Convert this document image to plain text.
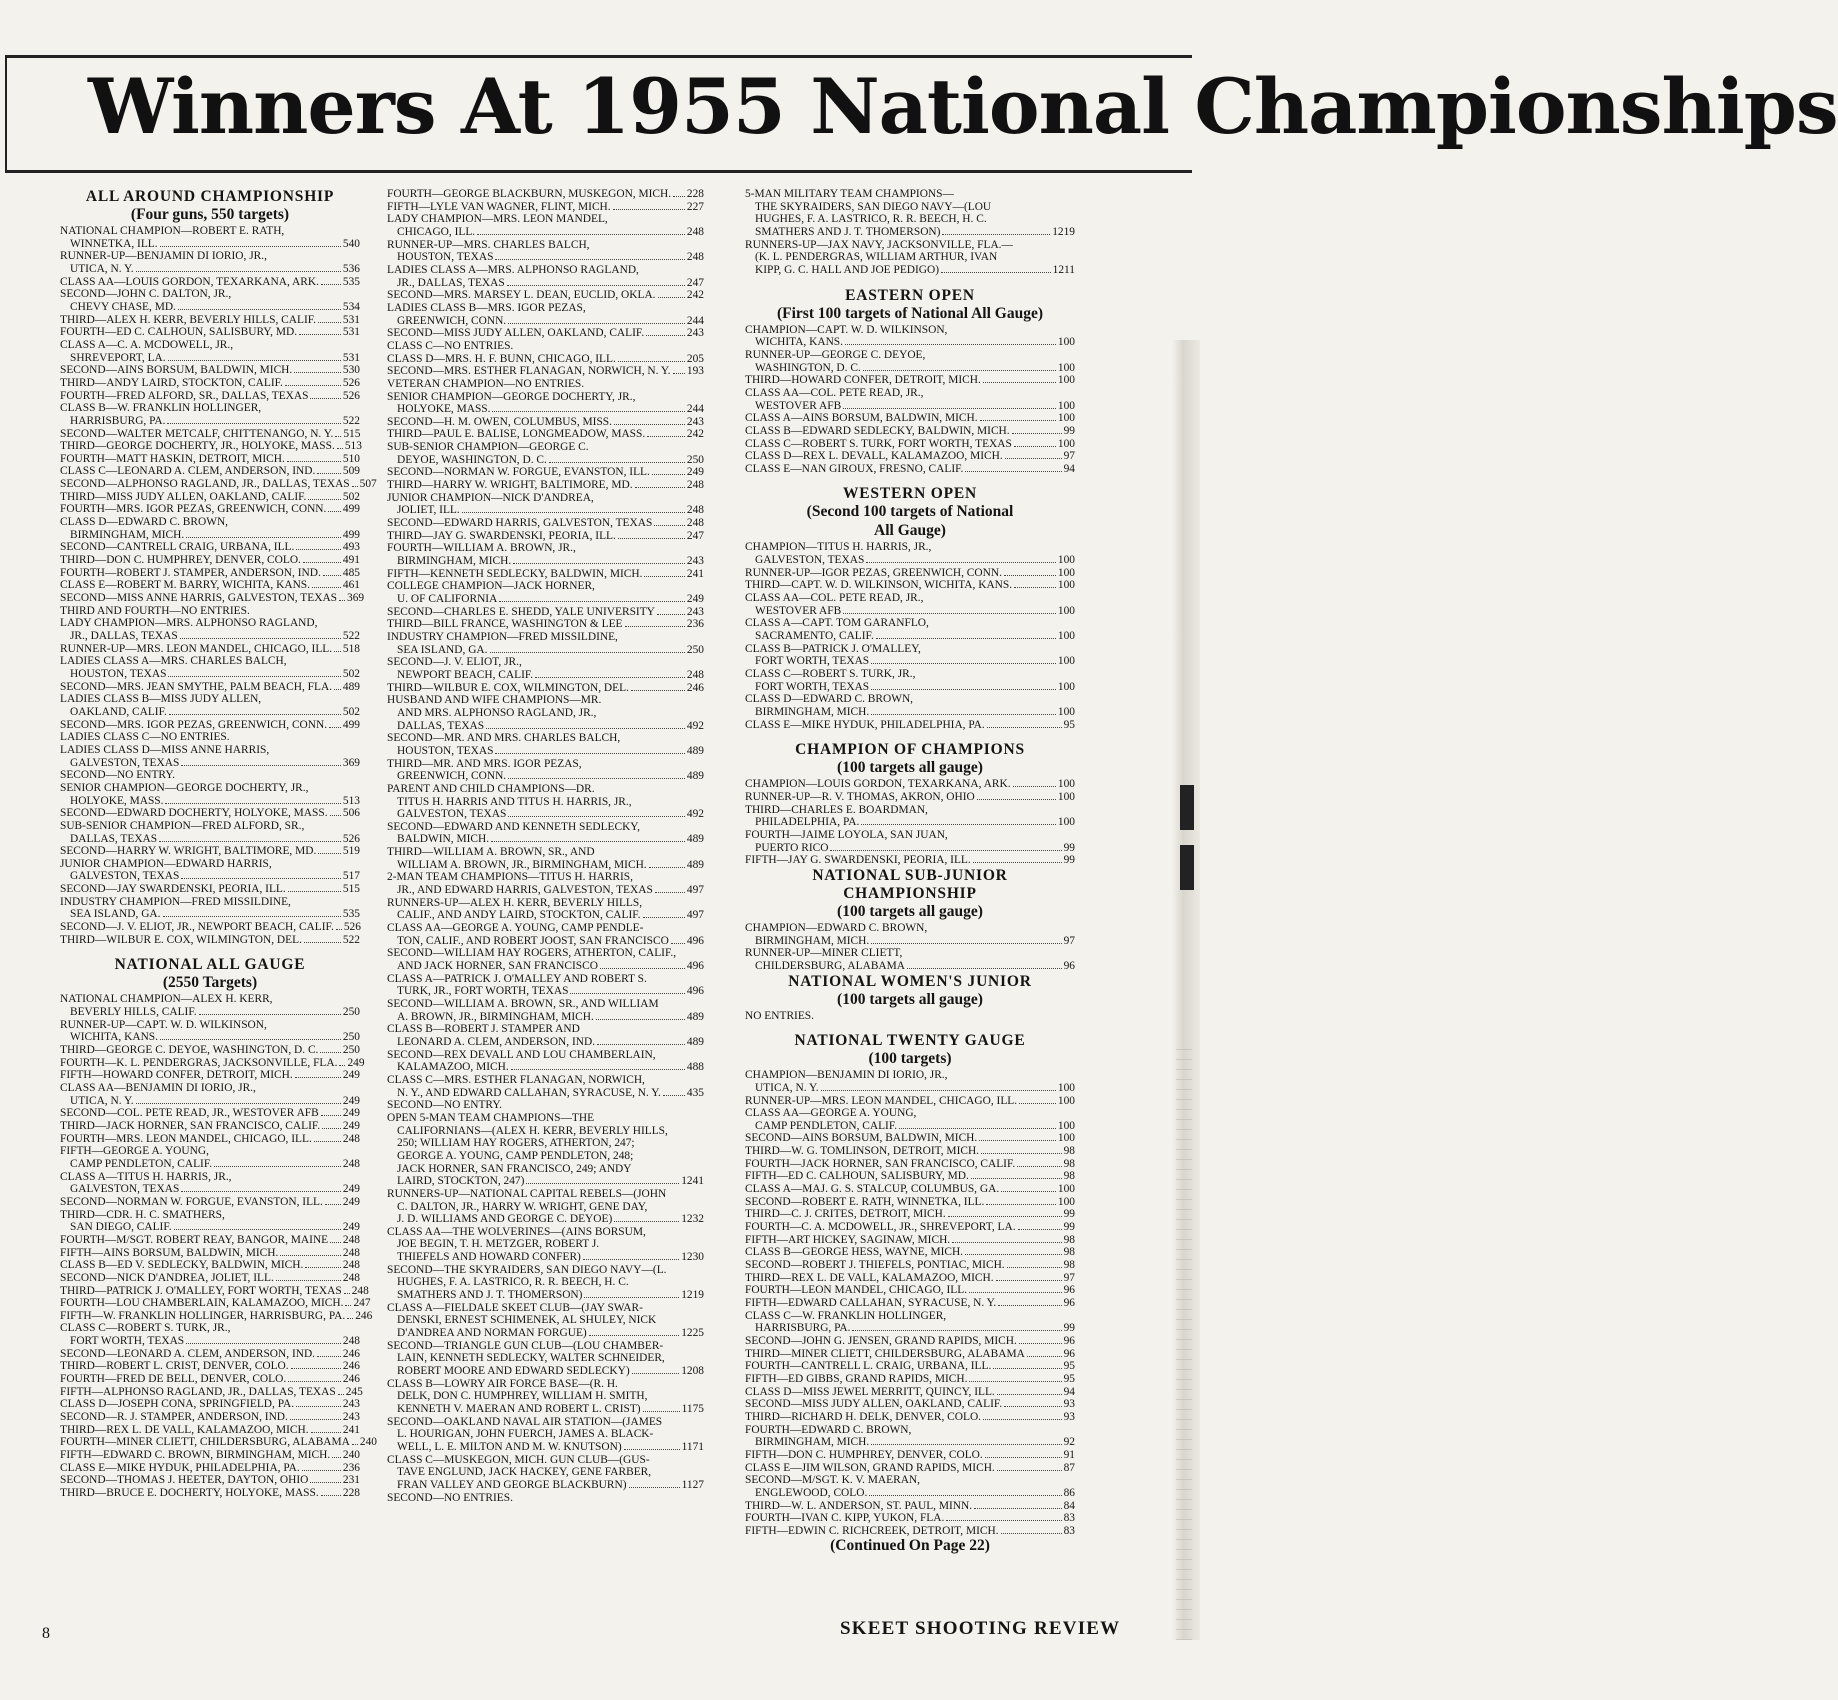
Winners At 1955 National Championships
ALL AROUND CHAMPIONSHIP
(Four guns, 550 targets)
NATIONAL CHAMPION—ROBERT E. RATH,
WINNETKA, ILL.	540
RUNNER-UP—BENJAMIN DI IORIO, JR.,
UTICA, N. Y.	536
CLASS AA—LOUIS GORDON, TEXARKANA, ARK. 535
SECOND—JOHN C. DALTON, JR.,
CHEVY CHASE, MD.	534
THIRD—ALEX H. KERR, BEVERLY HILLS, CALIF. 531
FOURTH—ED C. CALHOUN, SALISBURY, MD.	531
CLASS A—C. A. MCDOWELL, JR.,
SHREVEPORT, LA.	531
SECOND—AINS BORSUM, BALDWIN, MICH.	530
THIRD—ANDY LAIRD, STOCKTON, CALIF.	526
FOURTH—FRED ALFORD, SR., DALLAS, TEXAS	526
CLASS B—W. FRANKLIN HOLLINGER,
HARRISBURG, PA.	522
SECOND—WALTER METCALF, CHITTENANGO, N. Y. 515
THIRD—GEORGE DOCHERTY, JR., HOLYOKE, MASS. 513
FOURTH—MATT HASKIN, DETROIT, MICH.	510
CLASS C—LEONARD A. CLEM, ANDERSON, IND. 509
SECOND—ALPHONSO RAGLAND, JR., DALLAS, TEXAS 507
THIRD—MISS JUDY ALLEN, OAKLAND, CALIF.	502
FOURTH—MRS. IGOR PEZAS, GREENWICH, CONN. 499
CLASS D—EDWARD C. BROWN,
BIRMINGHAM, MICH.	499
SECOND—CANTRELL CRAIG, URBANA, ILL.	493
THIRD—DON C. HUMPHREY, DENVER, COLO.	491
FOURTH—ROBERT J. STAMPER, ANDERSON, IND. 485
CLASS E—ROBERT M. BARRY, WICHITA, KANS.	461
SECOND—MISS ANNE HARRIS, GALVESTON, TEXAS 369
THIRD AND FOURTH—NO ENTRIES.
LADY CHAMPION—MRS. ALPHONSO RAGLAND,
JR., DALLAS, TEXAS	522
RUNNER-UP—MRS. LEON MANDEL, CHICAGO, ILL. 518
LADIES CLASS A—MRS. CHARLES BALCH,
HOUSTON, TEXAS	502
SECOND—MRS. JEAN SMYTHE, PALM BEACH, FLA. 489
LADIES CLASS B—MISS JUDY ALLEN,
OAKLAND, CALIF.	502
SECOND—MRS. IGOR PEZAS, GREENWICH, CONN. 499
LADIES CLASS C—NO ENTRIES.
LADIES CLASS D—MISS ANNE HARRIS,
GALVESTON, TEXAS	369
SECOND—NO ENTRY.
SENIOR CHAMPION—GEORGE DOCHERTY, JR.,
HOLYOKE, MASS.	513
SECOND—EDWARD DOCHERTY, HOLYOKE, MASS. 506
SUB-SENIOR CHAMPION—FRED ALFORD, SR.,
DALLAS, TEXAS	526
SECOND—HARRY W. WRIGHT, BALTIMORE, MD. 519
JUNIOR CHAMPION—EDWARD HARRIS,
GALVESTON, TEXAS	517
SECOND—JAY SWARDENSKI, PEORIA, ILL.	515
INDUSTRY CHAMPION—FRED MISSILDINE,
SEA ISLAND, GA.	535
SECOND—J. V. ELIOT, JR., NEWPORT BEACH, CALIF. 526
THIRD—WILBUR E. COX, WILMINGTON, DEL.	522
NATIONAL ALL GAUGE
(2550 Targets)
NATIONAL CHAMPION—ALEX H. KERR,
BEVERLY HILLS, CALIF.	250
RUNNER-UP—CAPT. W. D. WILKINSON,
WICHITA, KANS.	250
THIRD—GEORGE C. DEYOE, WASHINGTON, D. C. 250
FOURTH—K. L. PENDERGRAS, JACKSONVILLE, FLA. 249
FIFTH—HOWARD CONFER, DETROIT, MICH.	249
CLASS AA—BENJAMIN DI IORIO, JR.,
UTICA, N. Y.	249
SECOND—COL. PETE READ, JR., WESTOVER AFB 249
THIRD—JACK HORNER, SAN FRANCISCO, CALIF. 249
FOURTH—MRS. LEON MANDEL, CHICAGO, ILL.	248
FIFTH—GEORGE A. YOUNG,
CAMP PENDLETON, CALIF.	248
CLASS A—TITUS H. HARRIS, JR.,
GALVESTON, TEXAS	249
SECOND—NORMAN W. FORGUE, EVANSTON, ILL. 249
THIRD—CDR. H. C. SMATHERS,
SAN DIEGO, CALIF.	249
FOURTH—M/SGT. ROBERT REAY, BANGOR, MAINE 248
FIFTH—AINS BORSUM, BALDWIN, MICH.	248
CLASS B—ED V. SEDLECKY, BALDWIN, MICH.	248
SECOND—NICK D'ANDREA, JOLIET, ILL.	248
THIRD—PATRICK J. O'MALLEY, FORT WORTH, TEXAS 248
FOURTH—LOU CHAMBERLAIN, KALAMAZOO, MICH. 247
FIFTH—W. FRANKLIN HOLLINGER, HARRISBURG, PA. 246
CLASS C—ROBERT S. TURK, JR.,
FORT WORTH, TEXAS	248
SECOND—LEONARD A. CLEM, ANDERSON, IND. 246
THIRD—ROBERT L. CRIST, DENVER, COLO.	246
FOURTH—FRED DE BELL, DENVER, COLO.	246
FIFTH—ALPHONSO RAGLAND, JR., DALLAS, TEXAS 245
CLASS D—JOSEPH CONA, SPRINGFIELD, PA.	243
SECOND—R. J. STAMPER, ANDERSON, IND.	243
THIRD—REX L. DE VALL, KALAMAZOO, MICH.	241
FOURTH—MINER CLIETT, CHILDERSBURG, ALABAMA 240
FIFTH—EDWARD C. BROWN, BIRMINGHAM, MICH. 240
CLASS E—MIKE HYDUK, PHILADELPHIA, PA.	236
SECOND—THOMAS J. HEETER, DAYTON, OHIO	231
THIRD—BRUCE E. DOCHERTY, HOLYOKE, MASS. 228
FOURTH—GEORGE BLACKBURN, MUSKEGON, MICH. 228
FIFTH—LYLE VAN WAGNER, FLINT, MICH.	227
LADY CHAMPION—MRS. LEON MANDEL,
CHICAGO, ILL.	248
RUNNER-UP—MRS. CHARLES BALCH,
HOUSTON, TEXAS	248
LADIES CLASS A—MRS. ALPHONSO RAGLAND,
JR., DALLAS, TEXAS	247
SECOND—MRS. MARSEY L. DEAN, EUCLID, OKLA.	242
LADIES CLASS B—MRS. IGOR PEZAS,
GREENWICH, CONN.	244
SECOND—MISS JUDY ALLEN, OAKLAND, CALIF.	243
CLASS C—NO ENTRIES.
CLASS D—MRS. H. F. BUNN, CHICAGO, ILL.	205
SECOND—MRS. ESTHER FLANAGAN, NORWICH, N. Y. 193
VETERAN CHAMPION—NO ENTRIES.
SENIOR CHAMPION—GEORGE DOCHERTY, JR.,
HOLYOKE, MASS.	244
SECOND—H. M. OWEN, COLUMBUS, MISS.	243
THIRD—PAUL E. BALISE, LONGMEADOW, MASS.	242
SUB-SENIOR CHAMPION—GEORGE C.
DEYOE, WASHINGTON, D. C.	250
SECOND—NORMAN W. FORGUE, EVANSTON, ILL.	249
THIRD—HARRY W. WRIGHT, BALTIMORE, MD.	248
JUNIOR CHAMPION—NICK D'ANDREA,
JOLIET, ILL.	248
SECOND—EDWARD HARRIS, GALVESTON, TEXAS	248
THIRD—JAY G. SWARDENSKI, PEORIA, ILL.	247
FOURTH—WILLIAM A. BROWN, JR.,
BIRMINGHAM, MICH.	243
FIFTH—KENNETH SEDLECKY, BALDWIN, MICH.	241
COLLEGE CHAMPION—JACK HORNER,
U. OF CALIFORNIA	249
SECOND—CHARLES E. SHEDD, YALE UNIVERSITY	243
THIRD—BILL FRANCE, WASHINGTON & LEE	236
INDUSTRY CHAMPION—FRED MISSILDINE,
SEA ISLAND, GA.	250
SECOND—J. V. ELIOT, JR.,
NEWPORT BEACH, CALIF.	248
THIRD—WILBUR E. COX, WILMINGTON, DEL.	246
HUSBAND AND WIFE CHAMPIONS—MR.
AND MRS. ALPHONSO RAGLAND, JR.,
DALLAS, TEXAS	492
SECOND—MR. AND MRS. CHARLES BALCH,
HOUSTON, TEXAS	489
THIRD—MR. AND MRS. IGOR PEZAS,
GREENWICH, CONN.	489
PARENT AND CHILD CHAMPIONS—DR.
TITUS H. HARRIS AND TITUS H. HARRIS, JR.,
GALVESTON, TEXAS	492
SECOND—EDWARD AND KENNETH SEDLECKY,
BALDWIN, MICH.	489
THIRD—WILLIAM A. BROWN, SR., AND
WILLIAM A. BROWN, JR., BIRMINGHAM, MICH.	489
2-MAN TEAM CHAMPIONS—TITUS H. HARRIS,
JR., AND EDWARD HARRIS, GALVESTON, TEXAS	497
RUNNERS-UP—ALEX H. KERR, BEVERLY HILLS,
CALIF., AND ANDY LAIRD, STOCKTON, CALIF.	497
CLASS AA—GEORGE A. YOUNG, CAMP PENDLE-
TON, CALIF., AND ROBERT JOOST, SAN FRANCISCO 496
SECOND—WILLIAM HAY ROGERS, ATHERTON, CALIF.,
AND JACK HORNER, SAN FRANCISCO	496
CLASS A—PATRICK J. O'MALLEY AND ROBERT S.
TURK, JR., FORT WORTH, TEXAS	496
SECOND—WILLIAM A. BROWN, SR., AND WILLIAM
A. BROWN, JR., BIRMINGHAM, MICH.	489
CLASS B—ROBERT J. STAMPER AND
LEONARD A. CLEM, ANDERSON, IND.	489
SECOND—REX DEVALL AND LOU CHAMBERLAIN,
KALAMAZOO, MICH.	488
CLASS C—MRS. ESTHER FLANAGAN, NORWICH,
N. Y., AND EDWARD CALLAHAN, SYRACUSE, N. Y. 435
SECOND—NO ENTRY.
OPEN 5-MAN TEAM CHAMPIONS—THE
CALIFORNIANS—(ALEX H. KERR, BEVERLY HILLS,
250; WILLIAM HAY ROGERS, ATHERTON, 247;
GEORGE A. YOUNG, CAMP PENDLETON, 248;
JACK HORNER, SAN FRANCISCO, 249; ANDY
LAIRD, STOCKTON, 247)	1241
RUNNERS-UP—NATIONAL CAPITAL REBELS—(JOHN
C. DALTON, JR., HARRY W. WRIGHT, GENE DAY,
J. D. WILLIAMS AND GEORGE C. DEYOE)	1232
CLASS AA—THE WOLVERINES—(AINS BORSUM,
JOE BEGIN, T. H. METZGER, ROBERT J.
THIEFELS AND HOWARD CONFER)	1230
SECOND—THE SKYRAIDERS, SAN DIEGO NAVY—(L.
HUGHES, F. A. LASTRICO, R. R. BEECH, H. C.
SMATHERS AND J. T. THOMERSON)	1219
CLASS A—FIELDALE SKEET CLUB—(JAY SWAR-
DENSKI, ERNEST SCHIMENEK, AL SHULEY, NICK
D'ANDREA AND NORMAN FORGUE)	1225
SECOND—TRIANGLE GUN CLUB—(LOU CHAMBER-
LAIN, KENNETH SEDLECKY, WALTER SCHNEIDER,
ROBERT MOORE AND EDWARD SEDLECKY)	1208
CLASS B—LOWRY AIR FORCE BASE—(R. H.
DELK, DON C. HUMPHREY, WILLIAM H. SMITH,
KENNETH V. MAERAN AND ROBERT L. CRIST)	1175
SECOND—OAKLAND NAVAL AIR STATION—(JAMES
L. HOURIGAN, JOHN FUERCH, JAMES A. BLACK-
WELL, L. E. MILTON AND M. W. KNUTSON)	1171
CLASS C—MUSKEGON, MICH. GUN CLUB—(GUS-
TAVE ENGLUND, JACK HACKEY, GENE FARBER,
FRAN VALLEY AND GEORGE BLACKBURN)	1127
SECOND—NO ENTRIES.
5-MAN MILITARY TEAM CHAMPIONS—
THE SKYRAIDERS, SAN DIEGO NAVY—(LOU
HUGHES, F. A. LASTRICO, R. R. BEECH, H. C.
SMATHERS AND J. T. THOMERSON)	1219
RUNNERS-UP—JAX NAVY, JACKSONVILLE, FLA.—
(K. L. PENDERGRAS, WILLIAM ARTHUR, IVAN
KIPP, G. C. HALL AND JOE PEDIGO)	1211
EASTERN OPEN
(First 100 targets of National All Gauge)
CHAMPION—CAPT. W. D. WILKINSON,
WICHITA, KANS.	100
RUNNER-UP—GEORGE C. DEYOE,
WASHINGTON, D. C.	100
THIRD—HOWARD CONFER, DETROIT, MICH.	100
CLASS AA—COL. PETE READ, JR.,
WESTOVER AFB	100
CLASS A—AINS BORSUM, BALDWIN, MICH.	100
CLASS B—EDWARD SEDLECKY, BALDWIN, MICH.	99
CLASS C—ROBERT S. TURK, FORT WORTH, TEXAS	100
CLASS D—REX L. DEVALL, KALAMAZOO, MICH.	97
CLASS E—NAN GIROUX, FRESNO, CALIF.	94
WESTERN OPEN
(Second 100 targets of National
All Gauge)
CHAMPION—TITUS H. HARRIS, JR.,
GALVESTON, TEXAS	100
RUNNER-UP—IGOR PEZAS, GREENWICH, CONN.	100
THIRD—CAPT. W. D. WILKINSON, WICHITA, KANS.	100
CLASS AA—COL. PETE READ, JR.,
WESTOVER AFB	100
CLASS A—CAPT. TOM GARANFLO,
SACRAMENTO, CALIF.	100
CLASS B—PATRICK J. O'MALLEY,
FORT WORTH, TEXAS	100
CLASS C—ROBERT S. TURK, JR.,
FORT WORTH, TEXAS	100
CLASS D—EDWARD C. BROWN,
BIRMINGHAM, MICH.	100
CLASS E—MIKE HYDUK, PHILADELPHIA, PA.	95
CHAMPION OF CHAMPIONS
(100 targets all gauge)
CHAMPION—LOUIS GORDON, TEXARKANA, ARK.	100
RUNNER-UP—R. V. THOMAS, AKRON, OHIO	100
THIRD—CHARLES E. BOARDMAN,
PHILADELPHIA, PA.	100
FOURTH—JAIME LOYOLA, SAN JUAN,
PUERTO RICO	99
FIFTH—JAY G. SWARDENSKI, PEORIA, ILL.	99
NATIONAL SUB-JUNIOR
CHAMPIONSHIP
(100 targets all gauge)
CHAMPION—EDWARD C. BROWN,
BIRMINGHAM, MICH.	97
RUNNER-UP—MINER CLIETT,
CHILDERSBURG, ALABAMA	96
NATIONAL WOMEN'S JUNIOR
(100 targets all gauge)
NO ENTRIES.
NATIONAL TWENTY GAUGE
(100 targets)
CHAMPION—BENJAMIN DI IORIO, JR.,
UTICA, N. Y.	100
RUNNER-UP—MRS. LEON MANDEL, CHICAGO, ILL.	100
CLASS AA—GEORGE A. YOUNG,
CAMP PENDLETON, CALIF.	100
SECOND—AINS BORSUM, BALDWIN, MICH.	100
THIRD—W. G. TOMLINSON, DETROIT, MICH.	98
FOURTH—JACK HORNER, SAN FRANCISCO, CALIF.	98
FIFTH—ED C. CALHOUN, SALISBURY, MD.	98
CLASS A—MAJ. G. S. STALCUP, COLUMBUS, GA.	100
SECOND—ROBERT E. RATH, WINNETKA, ILL.	100
THIRD—C. J. CRITES, DETROIT, MICH.	99
FOURTH—C. A. MCDOWELL, JR., SHREVEPORT, LA.	99
FIFTH—ART HICKEY, SAGINAW, MICH.	98
CLASS B—GEORGE HESS, WAYNE, MICH.	98
SECOND—ROBERT J. THIEFELS, PONTIAC, MICH.	98
THIRD—REX L. DE VALL, KALAMAZOO, MICH.	97
FOURTH—LEON MANDEL, CHICAGO, ILL.	96
FIFTH—EDWARD CALLAHAN, SYRACUSE, N. Y.	96
CLASS C—W. FRANKLIN HOLLINGER,
HARRISBURG, PA.	99
SECOND—JOHN G. JENSEN, GRAND RAPIDS, MICH.	96
THIRD—MINER CLIETT, CHILDERSBURG, ALABAMA	96
FOURTH—CANTRELL L. CRAIG, URBANA, ILL.	95
FIFTH—ED GIBBS, GRAND RAPIDS, MICH.	95
CLASS D—MISS JEWEL MERRITT, QUINCY, ILL.	94
SECOND—MISS JUDY ALLEN, OAKLAND, CALIF.	93
THIRD—RICHARD H. DELK, DENVER, COLO.	93
FOURTH—EDWARD C. BROWN,
BIRMINGHAM, MICH.	92
FIFTH—DON C. HUMPHREY, DENVER, COLO.	91
CLASS E—JIM WILSON, GRAND RAPIDS, MICH.	87
SECOND—M/SGT. K. V. MAERAN,
ENGLEWOOD, COLO.	86
THIRD—W. L. ANDERSON, ST. PAUL, MINN.	84
FOURTH—IVAN C. KIPP, YUKON, FLA.	83
FIFTH—EDWIN C. RICHCREEK, DETROIT, MICH.	83
(Continued On Page 22)
8	SKEET SHOOTING REVIEW
